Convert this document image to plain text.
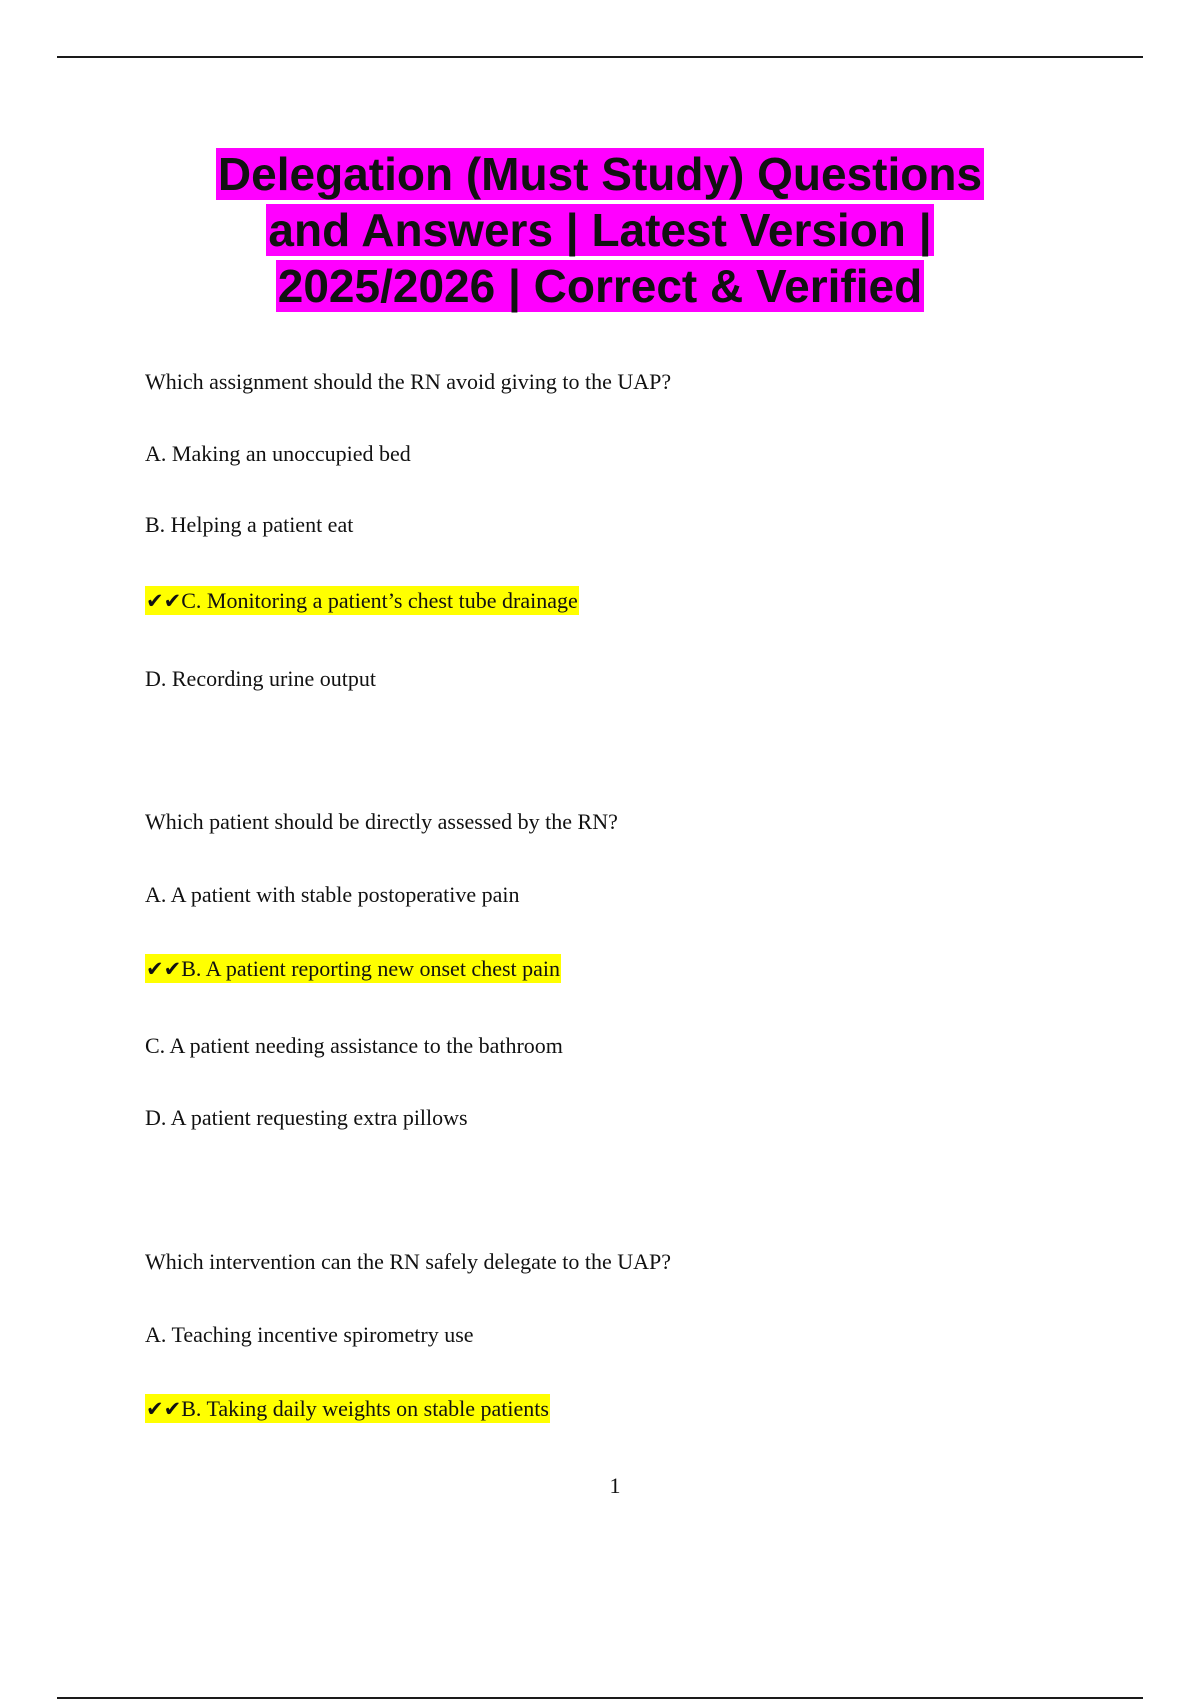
Delegation (Must Study) Questions
and Answers | Latest Version |
2025/2026 | Correct & Verified
Which assignment should the RN avoid giving to the UAP?
A. Making an unoccupied bed
B. Helping a patient eat
✔✔C. Monitoring a patient’s chest tube drainage
D. Recording urine output
Which patient should be directly assessed by the RN?
A. A patient with stable postoperative pain
✔✔B. A patient reporting new onset chest pain
C. A patient needing assistance to the bathroom
D. A patient requesting extra pillows
Which intervention can the RN safely delegate to the UAP?
A. Teaching incentive spirometry use
✔✔B. Taking daily weights on stable patients
1
